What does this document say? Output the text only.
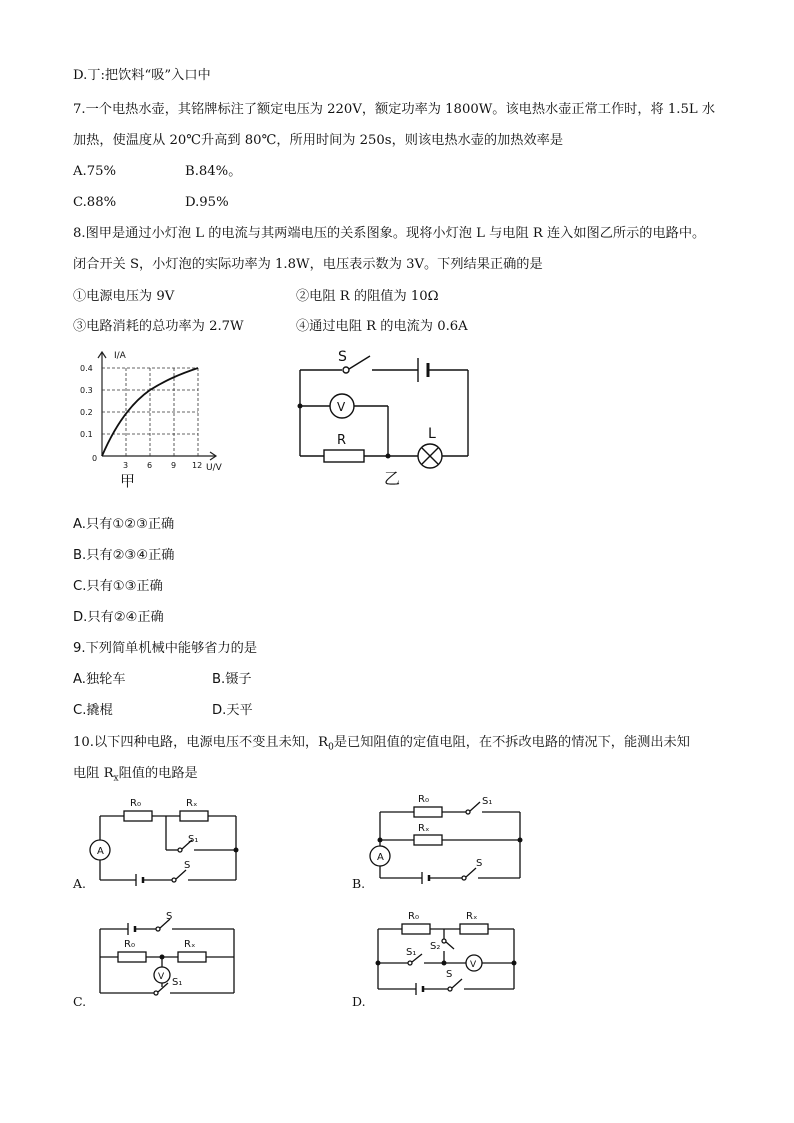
D.丁:把饮料“吸”入口中
7.一个电热水壶，其铭牌标注了额定电压为 220V，额定功率为 1800W。该电热水壶正常工作时，将 1.5L 水
加热，使温度从 20℃升高到 80℃，所用时间为 250s，则该电热水壶的加热效率是
A.75%	B.84%。
C.88%	D.95%
8.图甲是通过小灯泡 L 的电流与其两端电压的关系图象。现将小灯泡 L 与电阻 R 连入如图乙所示的电路中。
闭合开关 S，小灯泡的实际功率为 1.8W，电压表示数为 3V。下列结果正确的是
①电源电压为 9V	②电阻 R 的阻值为 10Ω
③电路消耗的总功率为 2.7W	④通过电阻 R 的电流为 0.6A
I/A
U/V
0.4
0.3
0.2
0.1
0
3 6 9 12
甲
S
V
R	L
乙
A.只有①②③正确
B.只有②③④正确
C.只有①③正确
D.只有②④正确
9.下列简单机械中能够省力的是
A.独轮车	B.镊子
C.撬棍	D.天平
10.以下四种电路，电源电压不变且未知，$R_0$是已知阻值的定值电阻，在不拆改电路的情况下，能测出未知
电阻 $R_x$阻值的电路是
A
R₀	Rₓ
S₁
S
A.
A
R₀
Rₓ
S₁
S
B.
V
R₀	Rₓ
S
S₁
C.
V
R₀	Rₓ
S₂
S₁
S
D.
